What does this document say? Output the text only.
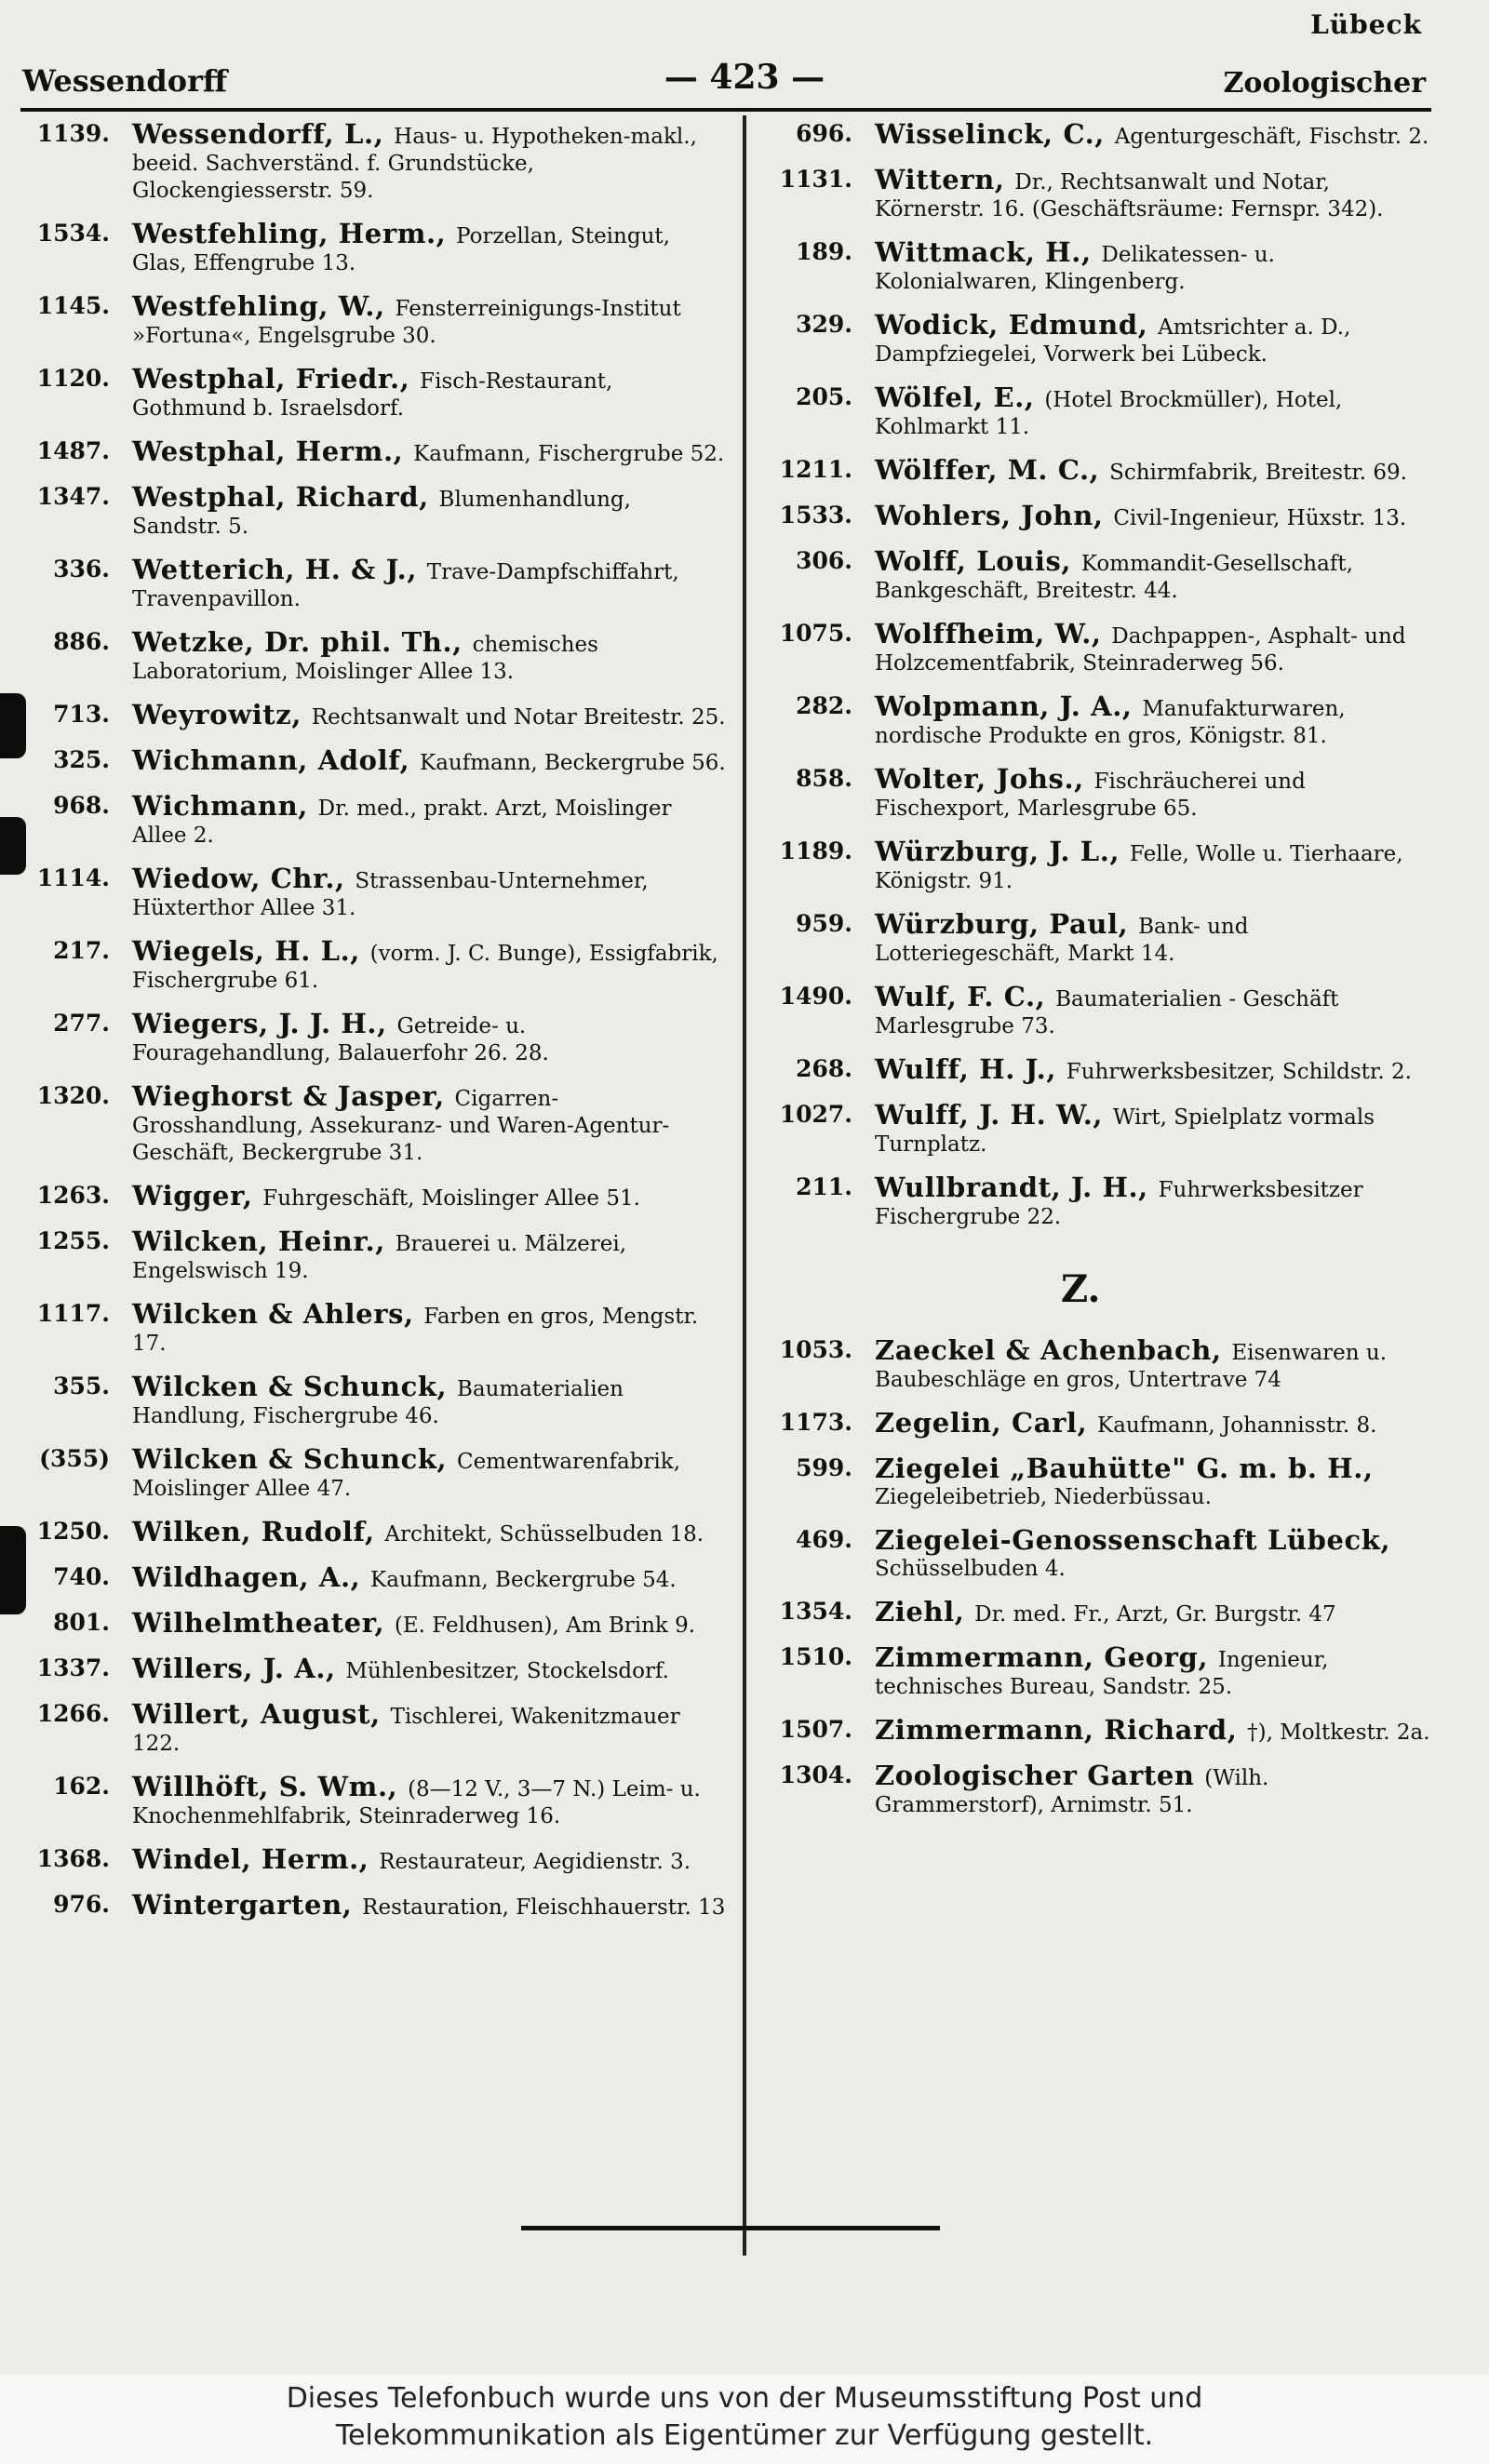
Lübeck
Wessendorff	— 423 —	Zoologischer
1139. Wessendorff, L., Haus- u. Hypotheken-makl., beeid. Sachverständ. f. Grundstücke, Glockengiesserstr. 59.
1534. Westfehling, Herm., Porzellan, Steingut, Glas, Effengrube 13.
1145. Westfehling, W., Fensterreinigungs-Institut »Fortuna«, Engelsgrube 30.
1120. Westphal, Friedr., Fisch-Restaurant, Gothmund b. Israelsdorf.
1487. Westphal, Herm., Kaufmann, Fischergrube 52.
1347. Westphal, Richard, Blumenhandlung, Sandstr. 5.
336. Wetterich, H. & J., Trave-Dampfschiffahrt, Travenpavillon.
886. Wetzke, Dr. phil. Th., chemisches Laboratorium, Moislinger Allee 13.
713. Weyrowitz, Rechtsanwalt und Notar Breitestr. 25.
325. Wichmann, Adolf, Kaufmann, Beckergrube 56.
968. Wichmann, Dr. med., prakt. Arzt, Moislinger Allee 2.
1114. Wiedow, Chr., Strassenbau-Unternehmer, Hüxterthor Allee 31.
217. Wiegels, H. L., (vorm. J. C. Bunge), Essigfabrik, Fischergrube 61.
277. Wiegers, J. J. H., Getreide- u. Fouragehandlung, Balauerfohr 26. 28.
1320. Wieghorst & Jasper, Cigarren-Grosshandlung, Assekuranz- und Waren-Agentur-Geschäft, Beckergrube 31.
1263. Wigger, Fuhrgeschäft, Moislinger Allee 51.
1255. Wilcken, Heinr., Brauerei u. Mälzerei, Engelswisch 19.
1117. Wilcken & Ahlers, Farben en gros, Mengstr. 17.
355. Wilcken & Schunck, Baumaterialien Handlung, Fischergrube 46.
(355) Wilcken & Schunck, Cementwarenfabrik, Moislinger Allee 47.
1250. Wilken, Rudolf, Architekt, Schüsselbuden 18.
740. Wildhagen, A., Kaufmann, Beckergrube 54.
801. Wilhelmtheater, (E. Feldhusen), Am Brink 9.
1337. Willers, J. A., Mühlenbesitzer, Stockelsdorf.
1266. Willert, August, Tischlerei, Wakenitzmauer 122.
162. Willhöft, S. Wm., (8—12 V., 3—7 N.) Leim- u. Knochenmehlfabrik, Steinraderweg 16.
1368. Windel, Herm., Restaurateur, Aegidienstr. 3.
976. Wintergarten, Restauration, Fleischhauerstr. 13
696. Wisselinck, C., Agenturgeschäft, Fischstr. 2.
1131. Wittern, Dr., Rechtsanwalt und Notar, Körnerstr. 16. (Geschäftsräume: Fernspr. 342).
189. Wittmack, H., Delikatessen- u. Kolonialwaren, Klingenberg.
329. Wodick, Edmund, Amtsrichter a. D., Dampfziegelei, Vorwerk bei Lübeck.
205. Wölfel, E., (Hotel Brockmüller), Hotel, Kohlmarkt 11.
1211. Wölffer, M. C., Schirmfabrik, Breitestr. 69.
1533. Wohlers, John, Civil-Ingenieur, Hüxstr. 13.
306. Wolff, Louis, Kommandit-Gesellschaft, Bankgeschäft, Breitestr. 44.
1075. Wolffheim, W., Dachpappen-, Asphalt- und Holzcementfabrik, Steinraderweg 56.
282. Wolpmann, J. A., Manufakturwaren, nordische Produkte en gros, Königstr. 81.
858. Wolter, Johs., Fischräucherei und Fischexport, Marlesgrube 65.
1189. Würzburg, J. L., Felle, Wolle u. Tierhaare, Königstr. 91.
959. Würzburg, Paul, Bank- und Lotteriegeschäft, Markt 14.
1490. Wulf, F. C., Baumaterialien - Geschäft Marlesgrube 73.
268. Wulff, H. J., Fuhrwerksbesitzer, Schildstr. 2.
1027. Wulff, J. H. W., Wirt, Spielplatz vormals Turnplatz.
211. Wullbrandt, J. H., Fuhrwerksbesitzer Fischergrube 22.
Z.
1053. Zaeckel & Achenbach, Eisenwaren u. Baubeschläge en gros, Untertrave 74
1173. Zegelin, Carl, Kaufmann, Johannisstr. 8.
599. Ziegelei „Bauhütte" G. m. b. H.,Ziegeleibetrieb, Niederbüssau.
469. Ziegelei-Genossenschaft Lübeck,Schüsselbuden 4.
1354. Ziehl, Dr. med. Fr., Arzt, Gr. Burgstr. 47
1510. Zimmermann, Georg, Ingenieur, technisches Bureau, Sandstr. 25.
1507. Zimmermann, Richard, †), Moltkestr. 2a.
1304. Zoologischer Garten (Wilh. Grammerstorf), Arnimstr. 51.
Dieses Telefonbuch wurde uns von der Museumsstiftung Post und
Telekommunikation als Eigentümer zur Verfügung gestellt.
